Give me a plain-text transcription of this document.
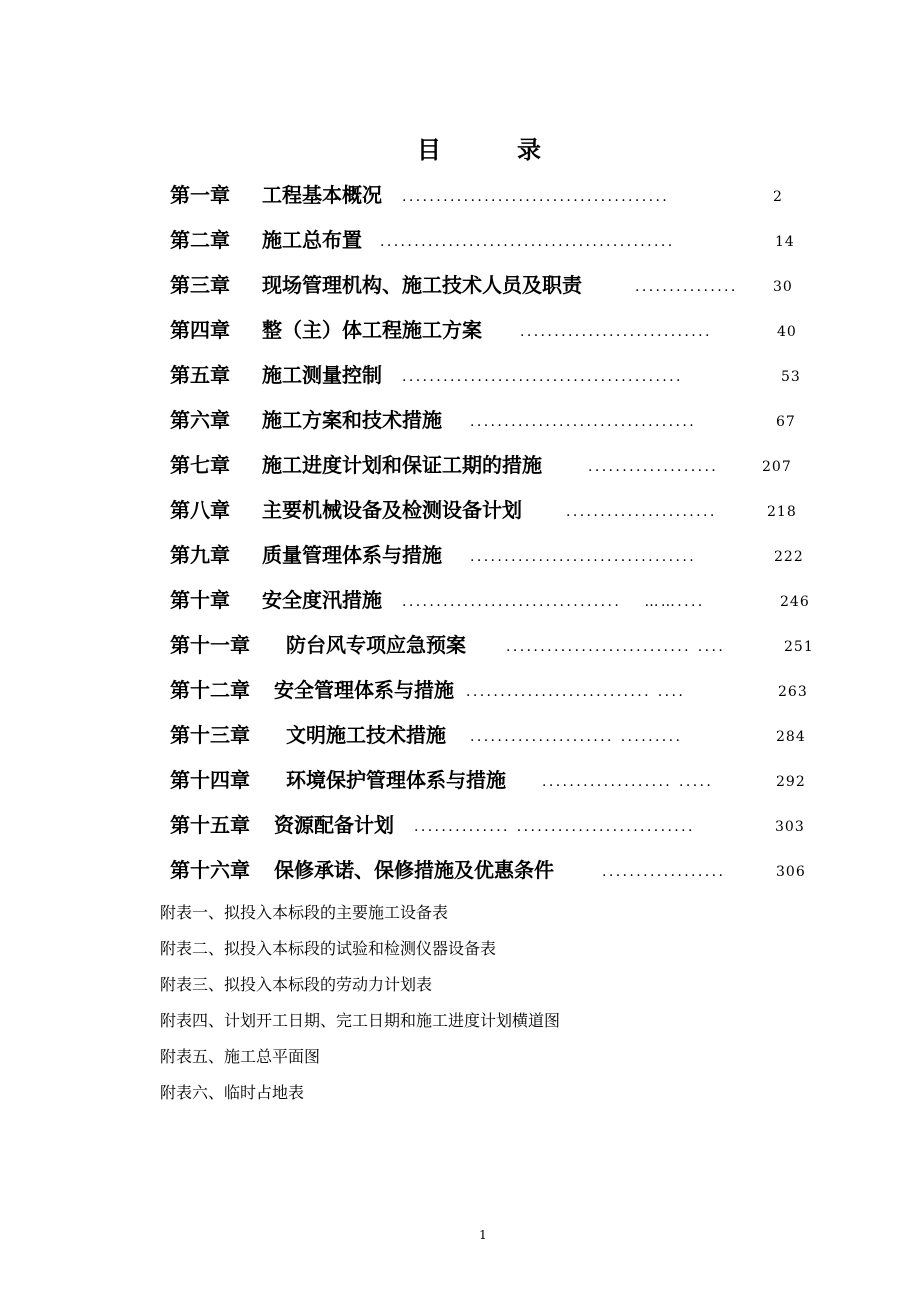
目　录
第一章 工程基本概况 .......................................	2
第二章 施工总布置 ...........................................	14
第三章 现场管理机构、施工技术人员及职责	...............	30
第四章 整（主）体工程施工方案	............................	40
第五章 施工测量控制 .........................................	53
第六章 施工方案和技术措施 .................................	67
第七章 施工进度计划和保证工期的措施	...................	207
第八章 主要机械设备及检测设备计划	......................	218
第九章 质量管理体系与措施 .................................	222
第十章 安全度汛措施 ................................　 ……....	246
第十一章 防台风专项应急预案	........................... ....	251
第十二章 安全管理体系与措施 ........................... ....	263
第十三章 文明施工技术措施 ..................... .........	284
第十四章 环境保护管理体系与措施	................... .....	292
第十五章 资源配备计划 .............. ..........................	303
第十六章 保修承诺、保修措施及优惠条件	..................	306
附表一、拟投入本标段的主要施工设备表
附表二、拟投入本标段的试验和检测仪器设备表
附表三、拟投入本标段的劳动力计划表
附表四、计划开工日期、完工日期和施工进度计划横道图
附表五、施工总平面图
附表六、临时占地表
1
